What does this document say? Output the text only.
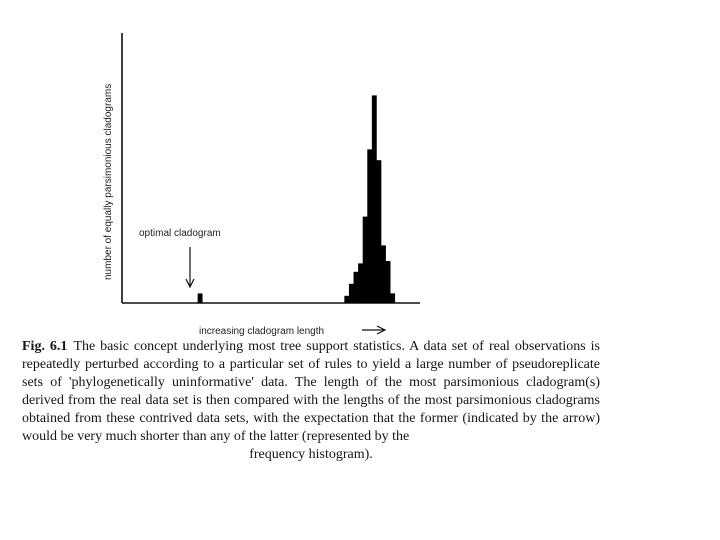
number of equally parsimonious cladograms	optimal cladogram
increasing cladogram length
Fig. 6.1 The basic concept underlying most tree support statistics. A data set of real observations is repeatedly perturbed according to a particular set of rules to yield a large number of pseudoreplicate sets of 'phylogenetically uninformative' data. The length of the most parsimonious cladogram(s) derived from the real data set is then compared with the lengths of the most parsimonious cladograms obtained from these contrived data sets, with the expectation that the former (indicated by the arrow) would be very much shorter than any of the latter (represented by the
frequency histogram).
